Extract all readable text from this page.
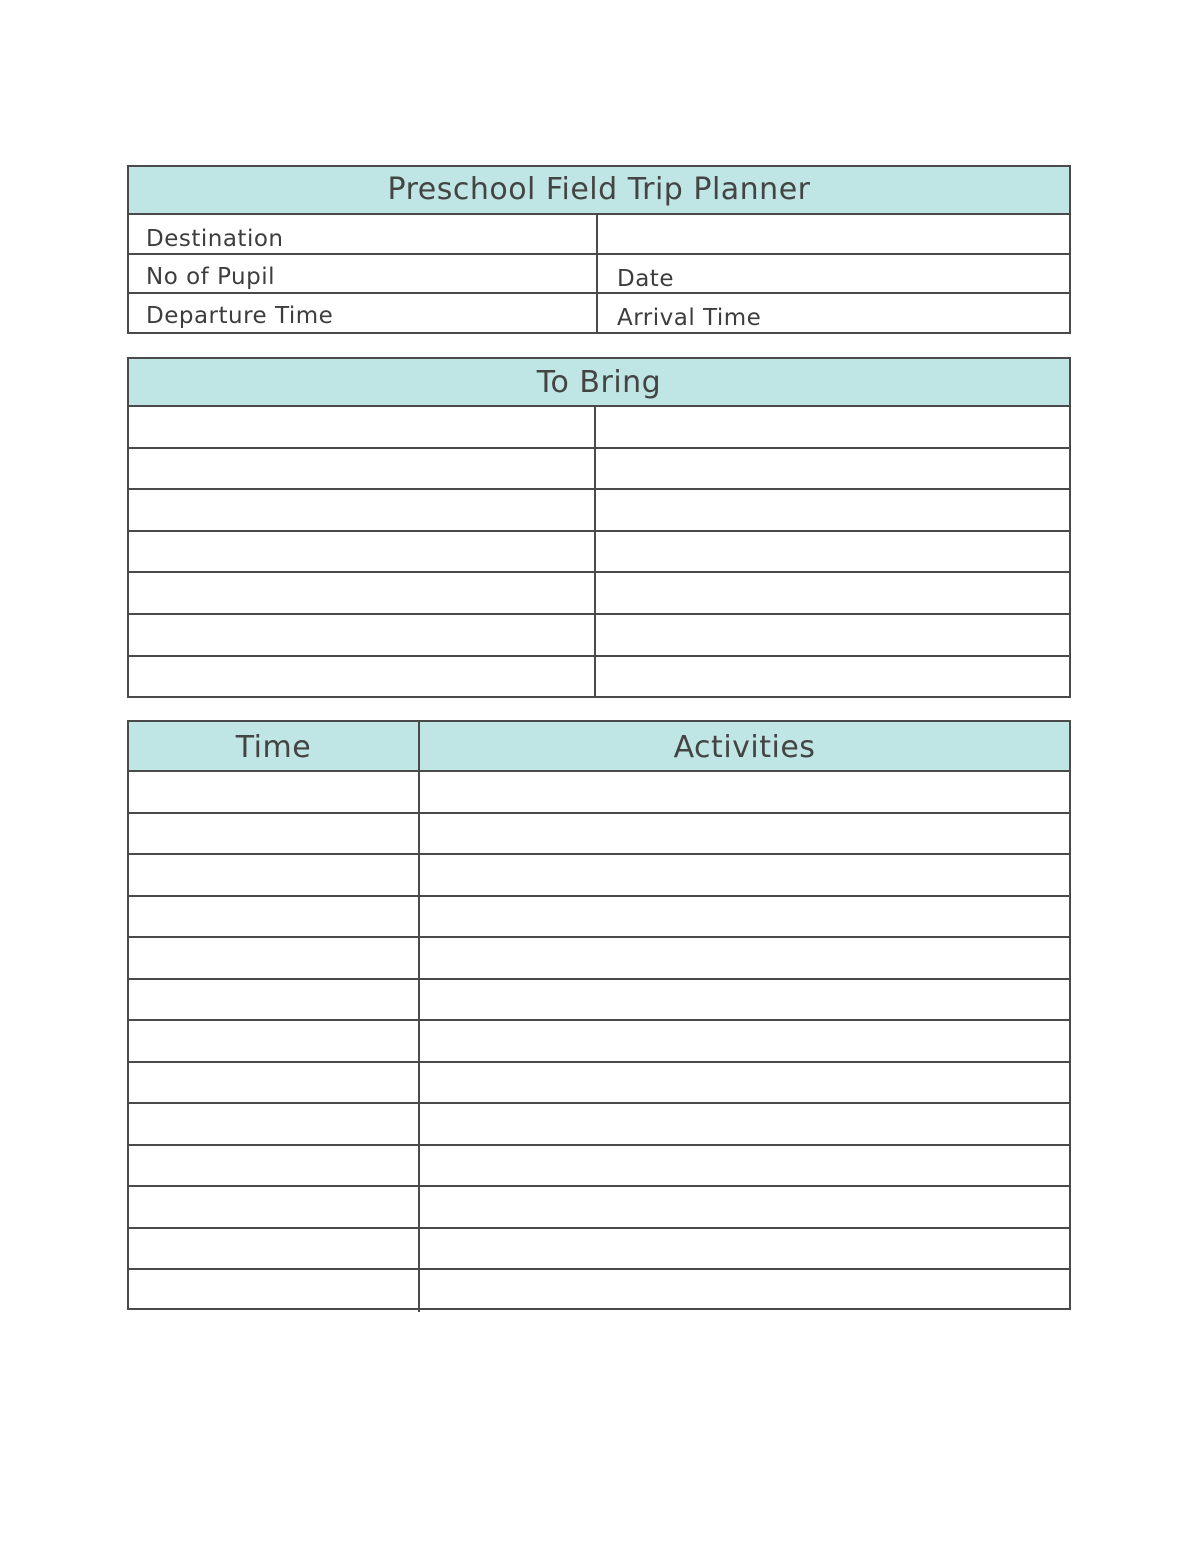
Preschool Field Trip Planner
Destination
No of Pupil	Date
Departure Time	Arrival Time
To Bring
Time	Activities
